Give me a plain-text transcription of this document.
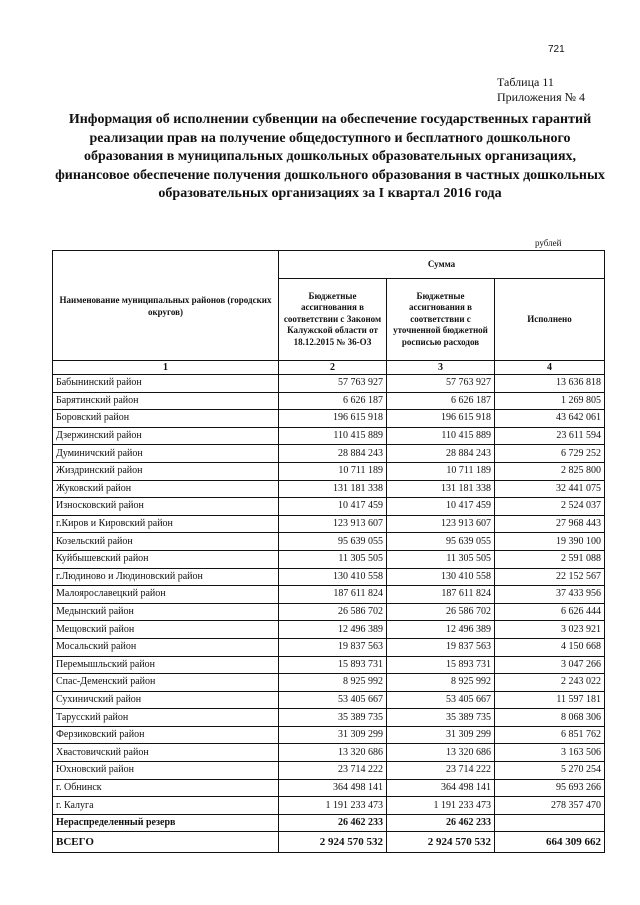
721
Таблица 11
Приложения № 4
Информация об исполнении субвенции на обеспечение государственных гарантий реализации прав на получение общедоступного и бесплатного дошкольного образования в муниципальных дошкольных образовательных организациях, финансовое обеспечение получения дошкольного образования в частных дошкольных образовательных организациях за I квартал 2016 года
рублей
Наименование муниципальных районов (городских округов)	Сумма		
	Бюджетные ассигнования в соответствии с Законом Калужской области от 18.12.2015 № 36-ОЗ	Бюджетные ассигнования в соответствии с уточненной бюджетной росписью расходов	Исполнено
1	2	3	4
Бабынинский район	57 763 927	57 763 927	13 636 818
Барятинский район	6 626 187	6 626 187	1 269 805
Боровский район	196 615 918	196 615 918	43 642 061
Дзержинский район	110 415 889	110 415 889	23 611 594
Думиничский район	28 884 243	28 884 243	6 729 252
Жиздринский район	10 711 189	10 711 189	2 825 800
Жуковский район	131 181 338	131 181 338	32 441 075
Износковский район	10 417 459	10 417 459	2 524 037
г.Киров и Кировский район	123 913 607	123 913 607	27 968 443
Козельский район	95 639 055	95 639 055	19 390 100
Куйбышевский район	11 305 505	11 305 505	2 591 088
г.Людиново и Людиновский район	130 410 558	130 410 558	22 152 567
Малоярославецкий район	187 611 824	187 611 824	37 433 956
Медынский район	26 586 702	26 586 702	6 626 444
Мещовский район	12 496 389	12 496 389	3 023 921
Мосальский район	19 837 563	19 837 563	4 150 668
Перемышльский район	15 893 731	15 893 731	3 047 266
Спас-Деменский район	8 925 992	8 925 992	2 243 022
Сухиничский район	53 405 667	53 405 667	11 597 181
Тарусский район	35 389 735	35 389 735	8 068 306
Ферзиковский район	31 309 299	31 309 299	6 851 762
Хвастовичский район	13 320 686	13 320 686	3 163 506
Юхновский район	23 714 222	23 714 222	5 270 254
г. Обнинск	364 498 141	364 498 141	95 693 266
г. Калуга	1 191 233 473	1 191 233 473	278 357 470
Нераспределенный резерв	26 462 233	26 462 233	
ВСЕГО	2 924 570 532	2 924 570 532	664 309 662
